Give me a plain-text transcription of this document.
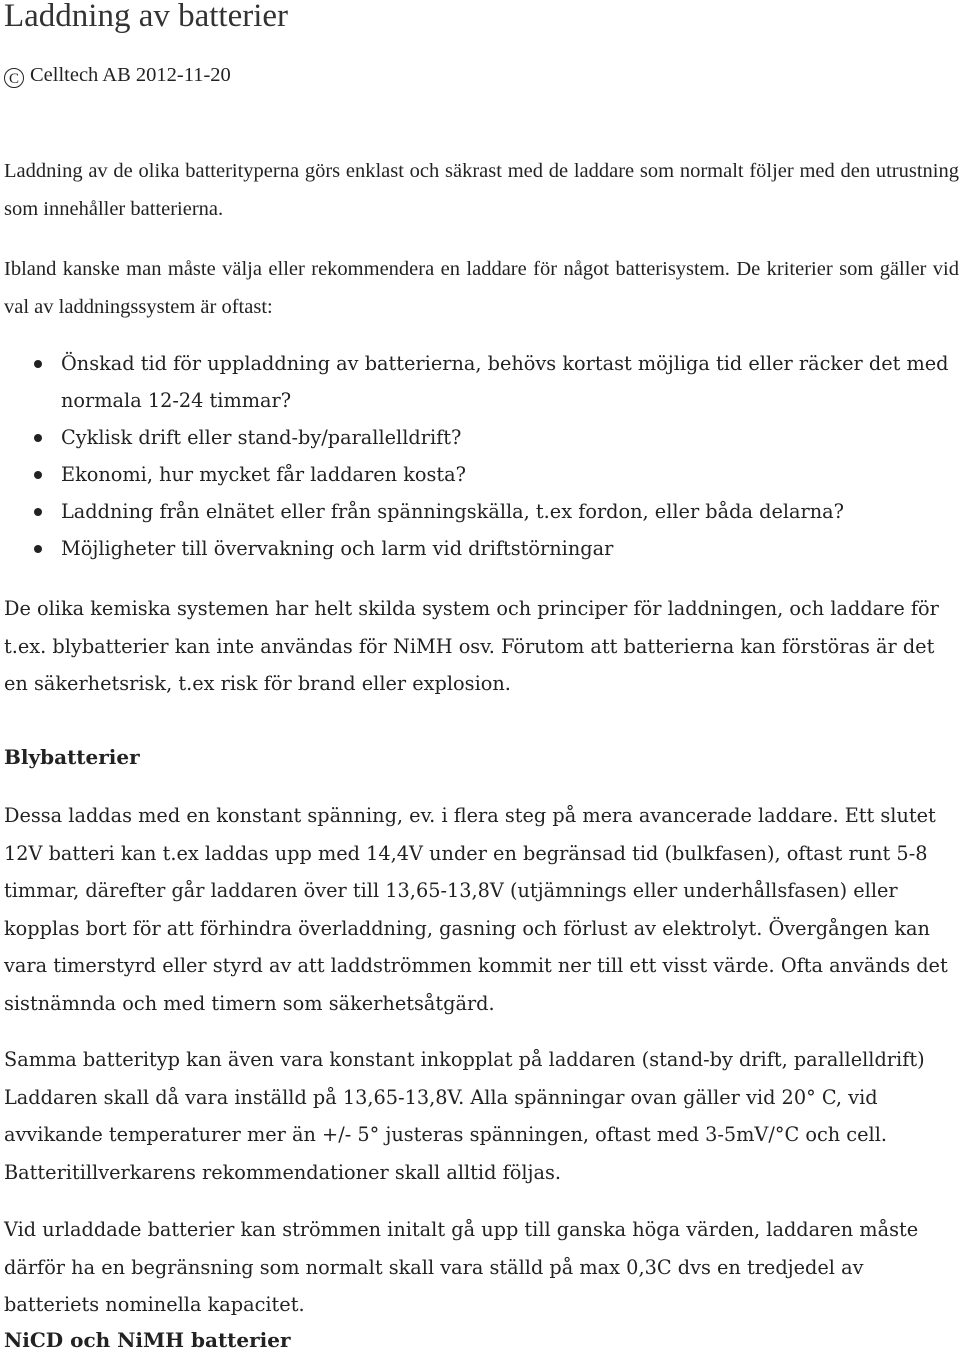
Laddning av batterier
C Celltech AB 2012-11-20

Laddning av de olika batterityperna görs enklast och säkrast med de laddare som normalt följer med den utrustning som innehåller batterierna.

Ibland kanske man måste välja eller rekommendera en laddare för något batterisystem. De kriterier som gäller vid val av laddningssystem är oftast:

Önskad tid för uppladdning av batterierna, behövs kortast möjliga tid eller räcker det med normala 12-24 timmar?
Cyklisk drift eller stand-by/parallelldrift?
Ekonomi, hur mycket får laddaren kosta?
Laddning från elnätet eller från spänningskälla, t.ex fordon, eller båda delarna?
Möjligheter till övervakning och larm vid driftstörningar

De olika kemiska systemen har helt skilda system och principer för laddningen, och laddare för t.ex. blybatterier kan inte användas för NiMH osv. Förutom att batterierna kan förstöras är det en säkerhetsrisk, t.ex risk för brand eller explosion.

Blybatterier

Dessa laddas med en konstant spänning, ev. i flera steg på mera avancerade laddare. Ett slutet 12V batteri kan t.ex laddas upp med 14,4V under en begränsad tid (bulkfasen), oftast runt 5-8 timmar, därefter går laddaren över till 13,65-13,8V (utjämnings eller underhållsfasen) eller kopplas bort för att förhindra överladdning, gasning och förlust av elektrolyt. Övergången kan vara timerstyrd eller styrd av att laddströmmen kommit ner till ett visst värde. Ofta används det sistnämnda och med timern som säkerhetsåtgärd.

Samma batterityp kan även vara konstant inkopplat på laddaren (stand-by drift, parallelldrift) Laddaren skall då vara inställd på 13,65-13,8V. Alla spänningar ovan gäller vid 20° C, vid avvikande temperaturer mer än +/- 5° justeras spänningen, oftast med 3-5mV/°C och cell. Batteritillverkarens rekommendationer skall alltid följas.

Vid urladdade batterier kan strömmen initalt gå upp till ganska höga värden, laddaren måste därför ha en begränsning som normalt skall vara ställd på max 0,3C dvs en tredjedel av batteriets nominella kapacitet.

NiCD och NiMH batterier
